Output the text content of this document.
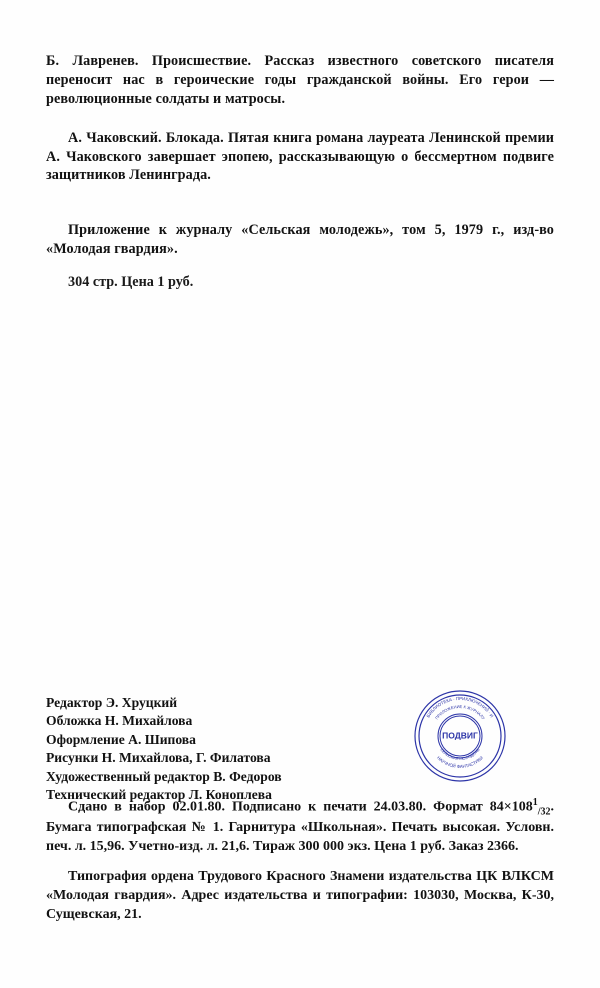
Б. Лавренев. Происшествие. Рассказ известного советского писателя переносит нас в героические годы гражданской войны. Его герои — революционные солдаты и матросы.

А. Чаковский. Блокада. Пятая книга романа лауреата Ленинской премии А. Чаковского завершает эпопею, рассказывающую о бессмертном подвиге защитников Ленинграда.

Приложение к журналу «Сельская молодежь», том 5, 1979 г., изд-во «Молодая гвардия».

304 стр. Цена 1 руб.

Редактор Э. Хруцкий
Обложка Н. Михайлова
Оформление А. Шипова
Рисунки Н. Михайлова, Г. Филатова
Художественный редактор В. Федоров
Технический редактор Л. Коноплева
БИБЛИОТЕКА · ПРИКЛЮЧЕНИЙ · И
НАУЧНОЙ ФАНТАСТИКИ
ПРИЛОЖЕНИЕ К ЖУРНАЛУ
СЕЛЬСКАЯ МОЛОДЕЖЬ
ПОДВИГ

Сдано в набор 02.01.80. Подписано к печати 24.03.80. Формат $84\times 108^1_{/32}$. Бумага типографская № 1. Гарнитура «Школьная». Печать высокая. Условн. печ. л. 15,96. Учетно-изд. л. 21,6. Тираж 300 000 экз. Цена 1 руб. Заказ 2366.

Типография ордена Трудового Красного Знамени издательства ЦК ВЛКСМ «Молодая гвардия». Адрес издательства и типографии: 103030, Москва, К-30, Сущевская, 21.
